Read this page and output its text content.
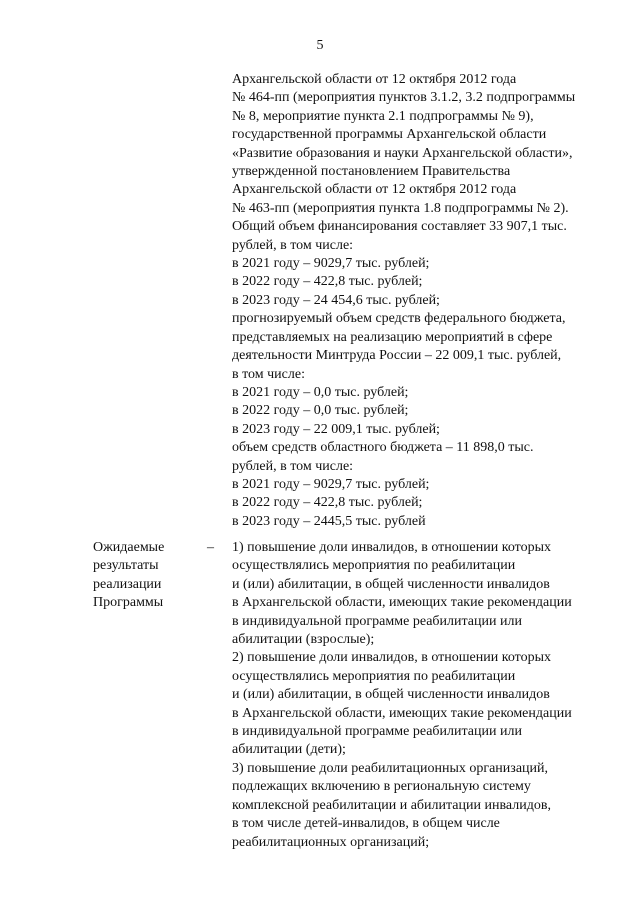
5
Архангельской области от 12 октября 2012 года
№ 464-пп (мероприятия пунктов 3.1.2, 3.2 подпрограммы
№ 8, мероприятие пункта 2.1 подпрограммы № 9),
государственной программы Архангельской области
«Развитие образования и науки Архангельской области»,
утвержденной постановлением Правительства
Архангельской области от 12 октября 2012 года
№ 463-пп (мероприятия пункта 1.8 подпрограммы № 2).
Общий объем финансирования составляет 33 907,1 тыс.
рублей, в том числе:
в 2021 году – 9029,7 тыс. рублей;
в 2022 году – 422,8 тыс. рублей;
в 2023 году – 24 454,6 тыс. рублей;
прогнозируемый объем средств федерального бюджета,
представляемых на реализацию мероприятий в сфере
деятельности Минтруда России – 22 009,1 тыс. рублей,
в том числе:
в 2021 году – 0,0 тыс. рублей;
в 2022 году – 0,0 тыс. рублей;
в 2023 году – 22 009,1 тыс. рублей;
объем средств областного бюджета – 11 898,0 тыс.
рублей, в том числе:
в 2021 году – 9029,7 тыс. рублей;
в 2022 году – 422,8 тыс. рублей;
в 2023 году – 2445,5 тыс. рублей
Ожидаемые
результаты
реализации
Программы
– 1) повышение доли инвалидов, в отношении которых
осуществлялись мероприятия по реабилитации
и (или) абилитации, в общей численности инвалидов
в Архангельской области, имеющих такие рекомендации
в индивидуальной программе реабилитации или
абилитации (взрослые);
2) повышение доли инвалидов, в отношении которых
осуществлялись мероприятия по реабилитации
и (или) абилитации, в общей численности инвалидов
в Архангельской области, имеющих такие рекомендации
в индивидуальной программе реабилитации или
абилитации (дети);
3) повышение доли реабилитационных организаций,
подлежащих включению в региональную систему
комплексной реабилитации и абилитации инвалидов,
в том числе детей-инвалидов, в общем числе
реабилитационных организаций;
